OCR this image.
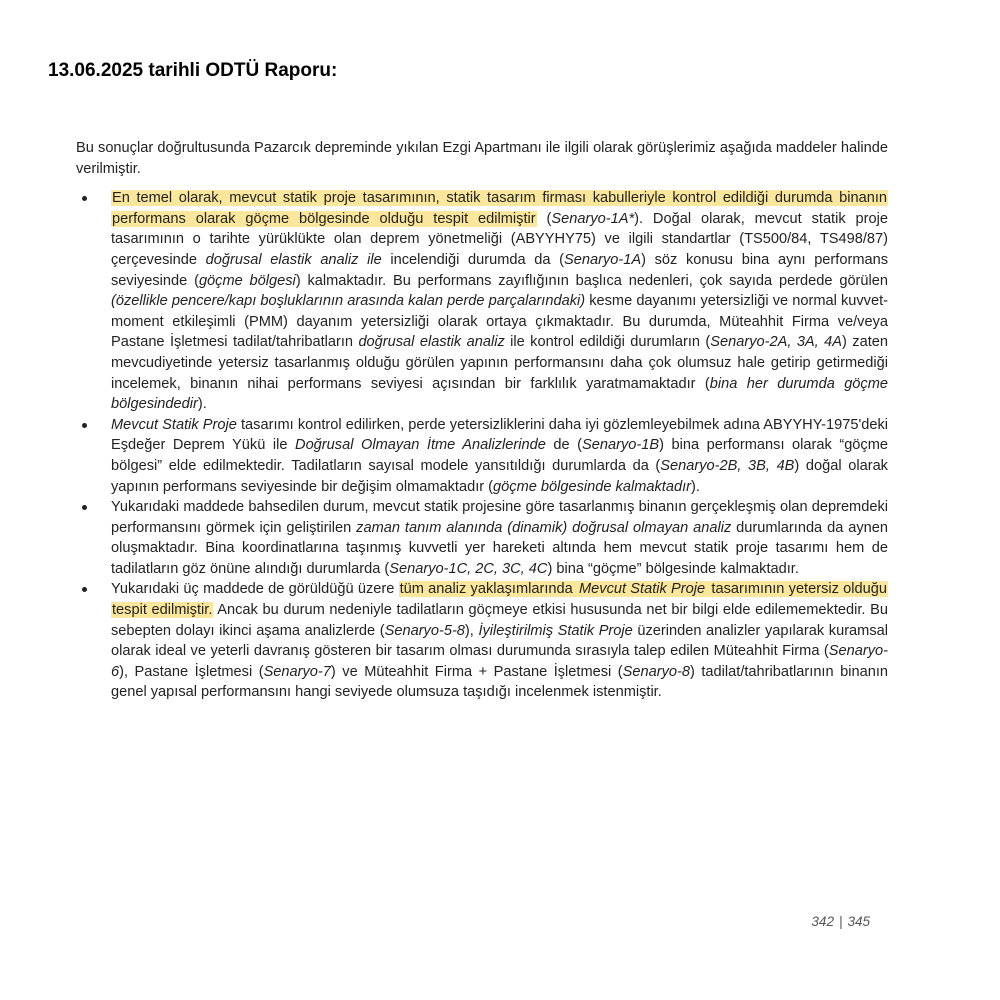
13.06.2025 tarihli ODTÜ Raporu:

Bu sonuçlar doğrultusunda Pazarcık depreminde yıkılan Ezgi Apartmanı ile ilgili olarak görüşlerimiz aşağıda maddeler halinde verilmiştir.

En temel olarak, mevcut statik proje tasarımının, statik tasarım firması kabulleriyle kontrol edildiği durumda binanın performans olarak göçme bölgesinde olduğu tespit edilmiştir (Senaryo-1A*). Doğal olarak, mevcut statik proje tasarımının o tarihte yürüklükte olan deprem yönetmeliği (ABYYHY75) ve ilgili standartlar (TS500/84, TS498/87) çerçevesinde doğrusal elastik analiz ile incelendiği durumda da (Senaryo-1A) söz konusu bina aynı performans seviyesinde (göçme bölgesi) kalmaktadır. Bu performans zayıflığının başlıca nedenleri, çok sayıda perdede görülen (özellikle pencere/kapı boşluklarının arasında kalan perde parçalarındaki) kesme dayanımı yetersizliği ve normal kuvvet-moment etkileşimli (PMM) dayanım yetersizliği olarak ortaya çıkmaktadır. Bu durumda, Müteahhit Firma ve/veya Pastane İşletmesi tadilat/tahribatların doğrusal elastik analiz ile kontrol edildiği durumların (Senaryo-2A, 3A, 4A) zaten mevcudiyetinde yetersiz tasarlanmış olduğu görülen yapının performansını daha çok olumsuz hale getirip getirmediği incelemek, binanın nihai performans seviyesi açısından bir farklılık yaratmamaktadır (bina her durumda göçme bölgesindedir).
Mevcut Statik Proje tasarımı kontrol edilirken, perde yetersizliklerini daha iyi gözlemleyebilmek adına ABYYHY-1975'deki Eşdeğer Deprem Yükü ile Doğrusal Olmayan İtme Analizlerinde de (Senaryo-1B) bina performansı olarak “göçme bölgesi” elde edilmektedir. Tadilatların sayısal modele yansıtıldığı durumlarda da (Senaryo-2B, 3B, 4B) doğal olarak yapının performans seviyesinde bir değişim olmamaktadır (göçme bölgesinde kalmaktadır).
Yukarıdaki maddede bahsedilen durum, mevcut statik projesine göre tasarlanmış binanın gerçekleşmiş olan depremdeki performansını görmek için geliştirilen zaman tanım alanında (dinamik) doğrusal olmayan analiz durumlarında da aynen oluşmaktadır. Bina koordinatlarına taşınmış kuvvetli yer hareketi altında hem mevcut statik proje tasarımı hem de tadilatların göz önüne alındığı durumlarda (Senaryo-1C, 2C, 3C, 4C) bina “göçme” bölgesinde kalmaktadır.
Yukarıdaki üç maddede de görüldüğü üzere tüm analiz yaklaşımlarında Mevcut Statik Proje tasarımının yetersiz olduğu tespit edilmiştir. Ancak bu durum nedeniyle tadilatların göçmeye etkisi hususunda net bir bilgi elde edilememektedir. Bu sebepten dolayı ikinci aşama analizlerde (Senaryo-5-8), İyileştirilmiş Statik Proje üzerinden analizler yapılarak kuramsal olarak ideal ve yeterli davranış gösteren bir tasarım olması durumunda sırasıyla talep edilen Müteahhit Firma (Senaryo-6), Pastane İşletmesi (Senaryo-7) ve Müteahhit Firma + Pastane İşletmesi (Senaryo-8) tadilat/tahribatlarının binanın genel yapısal performansını hangi seviyede olumsuza taşıdığı incelenmek istenmiştir.
342 | 345
